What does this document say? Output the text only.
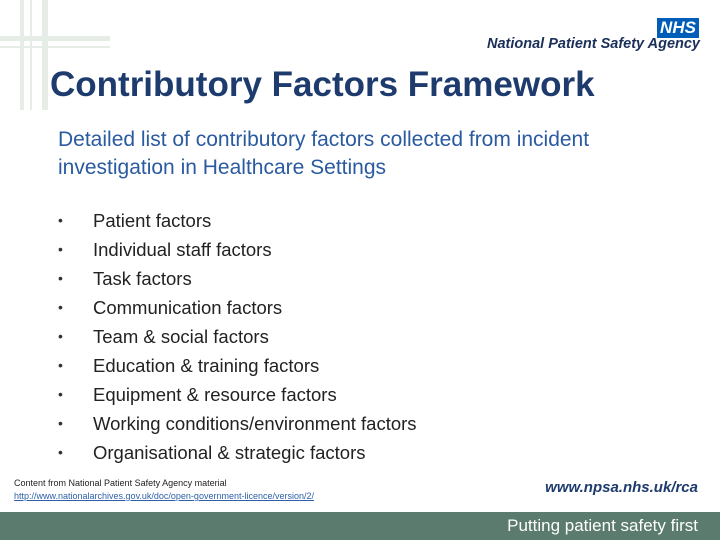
NHS
National Patient Safety Agency
Contributory Factors Framework

Detailed list of contributory factors collected from incident investigation in Healthcare Settings

• Patient factors
• Individual staff factors
• Task factors
• Communication factors
• Team & social factors
• Education & training factors
• Equipment & resource factors
• Working conditions/environment factors
• Organisational & strategic factors
Content from National Patient Safety Agency material
http://www.nationalarchives.gov.uk/doc/open-government-licence/version/2/	www.npsa.nhs.uk/rca
Putting patient safety first
